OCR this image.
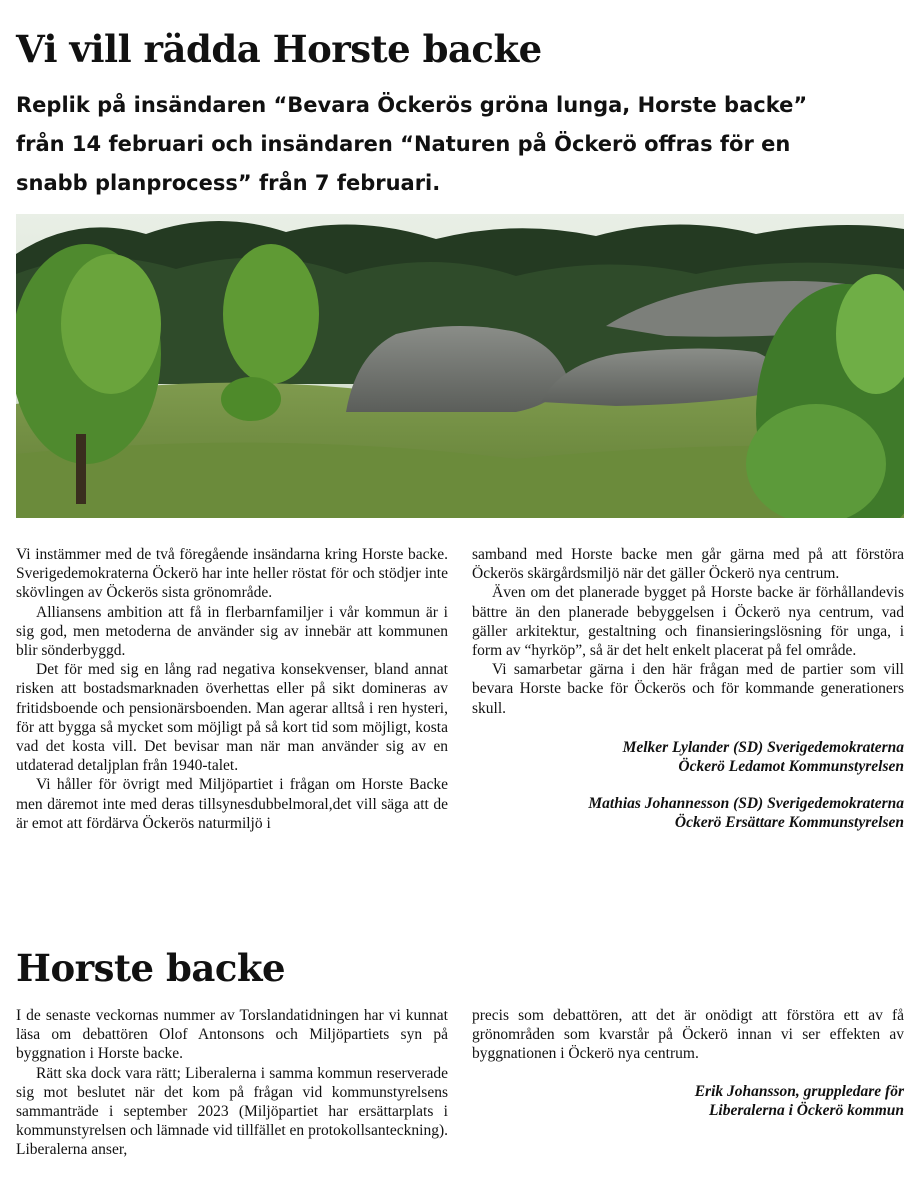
Vi vill rädda Horste backe
Replik på insändaren “Bevara Öckerös gröna lunga, Horste backe”
från 14 februari och insändaren “Naturen på Öckerö offras för en
snabb planprocess” från 7 februari.

Vi instämmer med de två föregående insändarna kring Horste backe. Sverigedemokraterna Öckerö har inte heller röstat för och stödjer inte skövlingen av Öckerös sista grönområde.

Alliansens ambition att få in flerbarnfamiljer i vår kommun är i sig god, men metoderna de använder sig av innebär att kommunen blir sönderbyggd.

Det för med sig en lång rad negativa konsekvenser, bland annat risken att bostadsmarknaden överhettas eller på sikt domineras av fritidsboende och pensionärsboenden. Man agerar alltså i ren hysteri, för att bygga så mycket som möjligt på så kort tid som möjligt, kosta vad det kosta vill. Det bevisar man när man använder sig av en utdaterad detaljplan från 1940-talet.

Vi håller för övrigt med Miljöpartiet i frågan om Horste Backe men däremot inte med deras tillsynesdubbelmoral,det vill säga att de är emot att fördärva Öckerös naturmiljö i

samband med Horste backe men går gärna med på att förstöra Öckerös skärgårdsmiljö när det gäller Öckerö nya centrum.

Även om det planerade bygget på Horste backe är förhållandevis bättre än den planerade bebyggelsen i Öckerö nya centrum, vad gäller arkitektur, gestaltning och finansieringslösning för unga, i form av “hyrköp”, så är det helt enkelt placerat på fel område.

Vi samarbetar gärna i den här frågan med de partier som vill bevara Horste backe för Öckerös och för kommande generationers skull.

Melker Lylander (SD) Sverigedemokraterna
Öckerö Ledamot Kommunstyrelsen
Mathias Johannesson (SD) Sverigedemokraterna
Öckerö Ersättare Kommunstyrelsen
Horste backe

I de senaste veckornas nummer av Torslandatidningen har vi kunnat läsa om debattören Olof Antonsons och Miljöpartiets syn på byggnation i Horste backe.

Rätt ska dock vara rätt; Liberalerna i samma kommun reserverade sig mot beslutet när det kom på frågan vid kommunstyrelsens sammanträde i september 2023 (Miljöpartiet har ersättarplats i kommunstyrelsen och lämnade vid tillfället en protokollsanteckning). Liberalerna anser,

precis som debattören, att det är onödigt att förstöra ett av få grönområden som kvarstår på Öckerö innan vi ser effekten av byggnationen i Öckerö nya centrum.

Erik Johansson, gruppledare för
Liberalerna i Öckerö kommun
